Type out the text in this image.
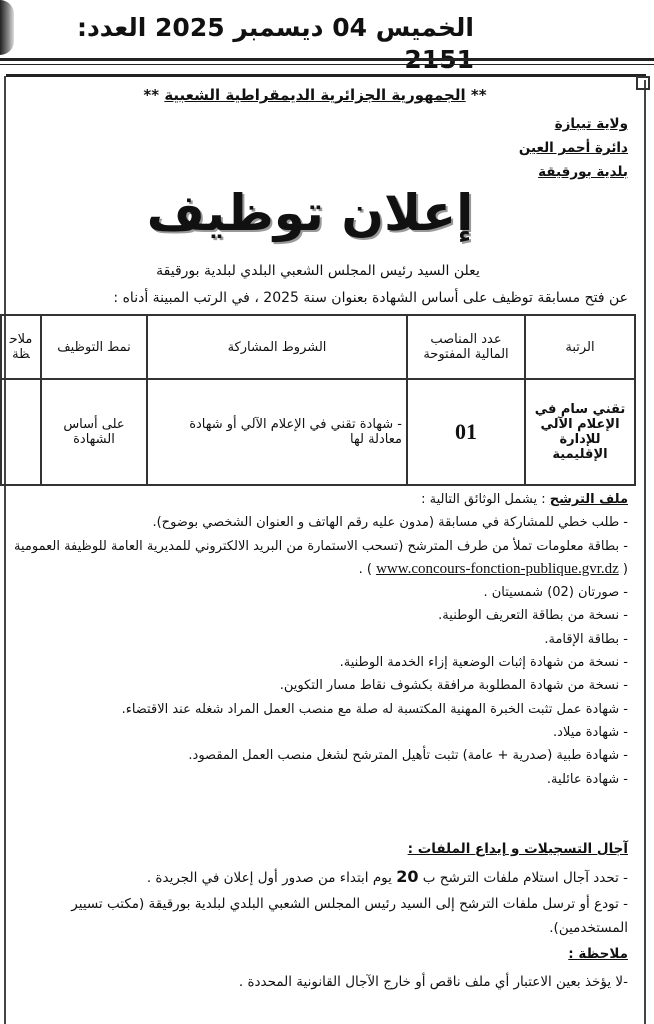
الخميس 04 ديسمبر 2025 العدد:
** الجمهورية الجزائرية الديمقراطية الشعبية **
ولاية تيبازة
دائرة أحمر العين
بلدية بورقيقة
إعلان توظيف
يعلن السيد رئيس المجلس الشعبي البلدي لبلدية بورقيقة
عن فتح مسابقة توظيف على أساس الشهادة بعنوان سنة 2025 ، في الرتب المبينة أدناه :
الرتبة	عدد المناصب المالية المفتوحة	الشروط المشاركة	نمط التوظيف	ملاحظة
تقني سام في الإعلام الآلي للإدارة الإقليمية	01	- شهادة تقني في الإعلام الآلي أو شهادة معادلة لها	على أساس الشهادة	
ملف الترشح : يشمل الوثائق التالية :
- طلب خطي للمشاركة في مسابقة (مدون عليه رقم الهاتف و العنوان الشخصي بوضوح).
- بطاقة معلومات تملأ من طرف المترشح (تسحب الاستمارة من البريد الالكتروني للمديرية العامة للوظيفة العمومية ( www.concours-fonction-publique.gvr.dz ) .
- صورتان (02) شمسيتان .
- نسخة من بطاقة التعريف الوطنية.
- بطاقة الإقامة.
- نسخة من شهادة إثبات الوضعية إزاء الخدمة الوطنية.
- نسخة من شهادة المطلوبة مرافقة بكشوف نقاط مسار التكوين.
- شهادة عمل تثبت الخبرة المهنية المكتسبة له صلة مع منصب العمل المراد شغله عند الاقتضاء.
- شهادة ميلاد.
- شهادة طبية (صدرية + عامة) تثبت تأهيل المترشح لشغل منصب العمل المقصود.
- شهادة عائلية.
آجال التسجيلات و إيداع الملفات :
- تحدد آجال استلام ملفات الترشح ب 20 يوم ابتداء من صدور أول إعلان في الجريدة .
- تودع أو ترسل ملفات الترشح إلى السيد رئيس المجلس الشعبي البلدي لبلدية بورقيقة (مكتب تسيير المستخدمين).
ملاحظة :
-لا يؤخذ بعين الاعتبار أي ملف ناقص أو خارج الآجال القانونية المحددة .
